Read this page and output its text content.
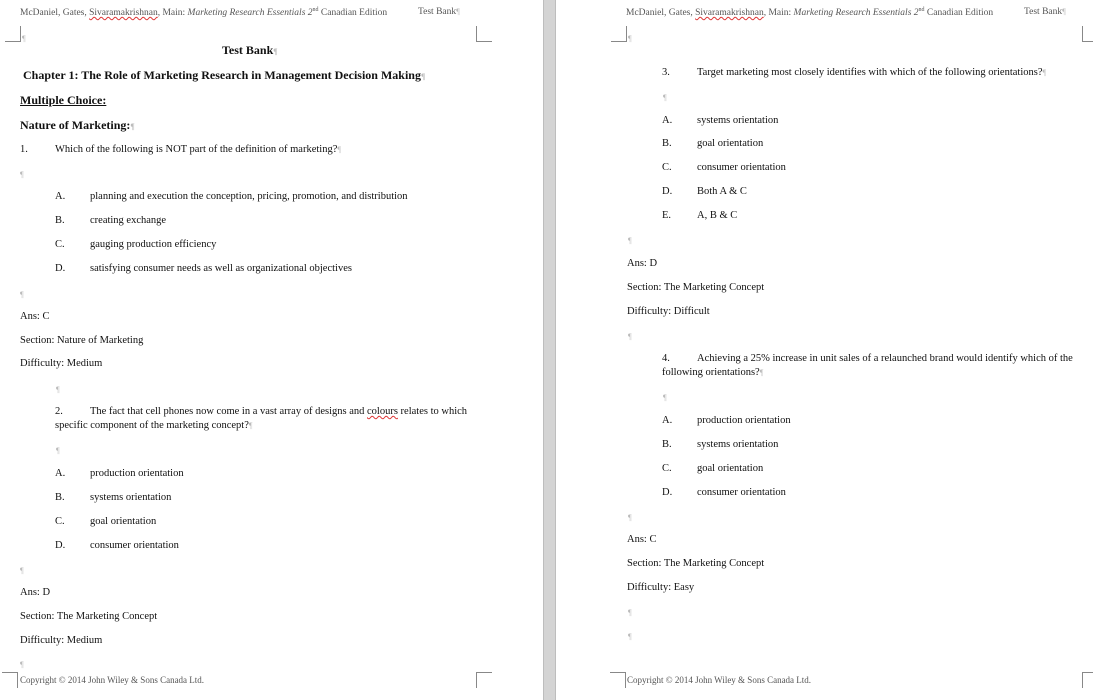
McDaniel, Gates, Sivaramakrishnan, Main: Marketing Research Essentials 2nd Canadian Edition	Test Bank¶
¶
Test Bank¶
Chapter 1: The Role of Marketing Research in Management Decision Making¶
Multiple Choice:
Nature of Marketing:¶
1.	Which of the following is NOT part of the definition of marketing?¶
¶
A. planning and execution the conception, pricing, promotion, and distribution
B. creating exchange
C. gauging production efficiency
D. satisfying consumer needs as well as organizational objectives
¶
Ans: C
Section: Nature of Marketing
Difficulty: Medium
¶
2.	The fact that cell phones now come in a vast array of designs and colours relates to which
specific component of the marketing concept?¶
¶
A. production orientation
B. systems orientation
C. goal orientation
D. consumer orientation
¶
Ans: D
Section: The Marketing Concept
Difficulty: Medium
¶
Copyright © 2014 John Wiley & Sons Canada Ltd.
McDaniel, Gates, Sivaramakrishnan, Main: Marketing Research Essentials 2nd Canadian Edition	Test Bank¶
¶
3.	Target marketing most closely identifies with which of the following orientations?¶
¶
A. systems orientation
B. goal orientation
C. consumer orientation
D. Both A & C
E. A, B & C
¶
Ans: D
Section: The Marketing Concept
Difficulty: Difficult
¶
4.	Achieving a 25% increase in unit sales of a relaunched brand would identify which of the
following orientations?¶
¶
A. production orientation
B. systems orientation
C. goal orientation
D. consumer orientation
¶
Ans: C
Section: The Marketing Concept
Difficulty: Easy
¶
¶
Copyright © 2014 John Wiley & Sons Canada Ltd.
